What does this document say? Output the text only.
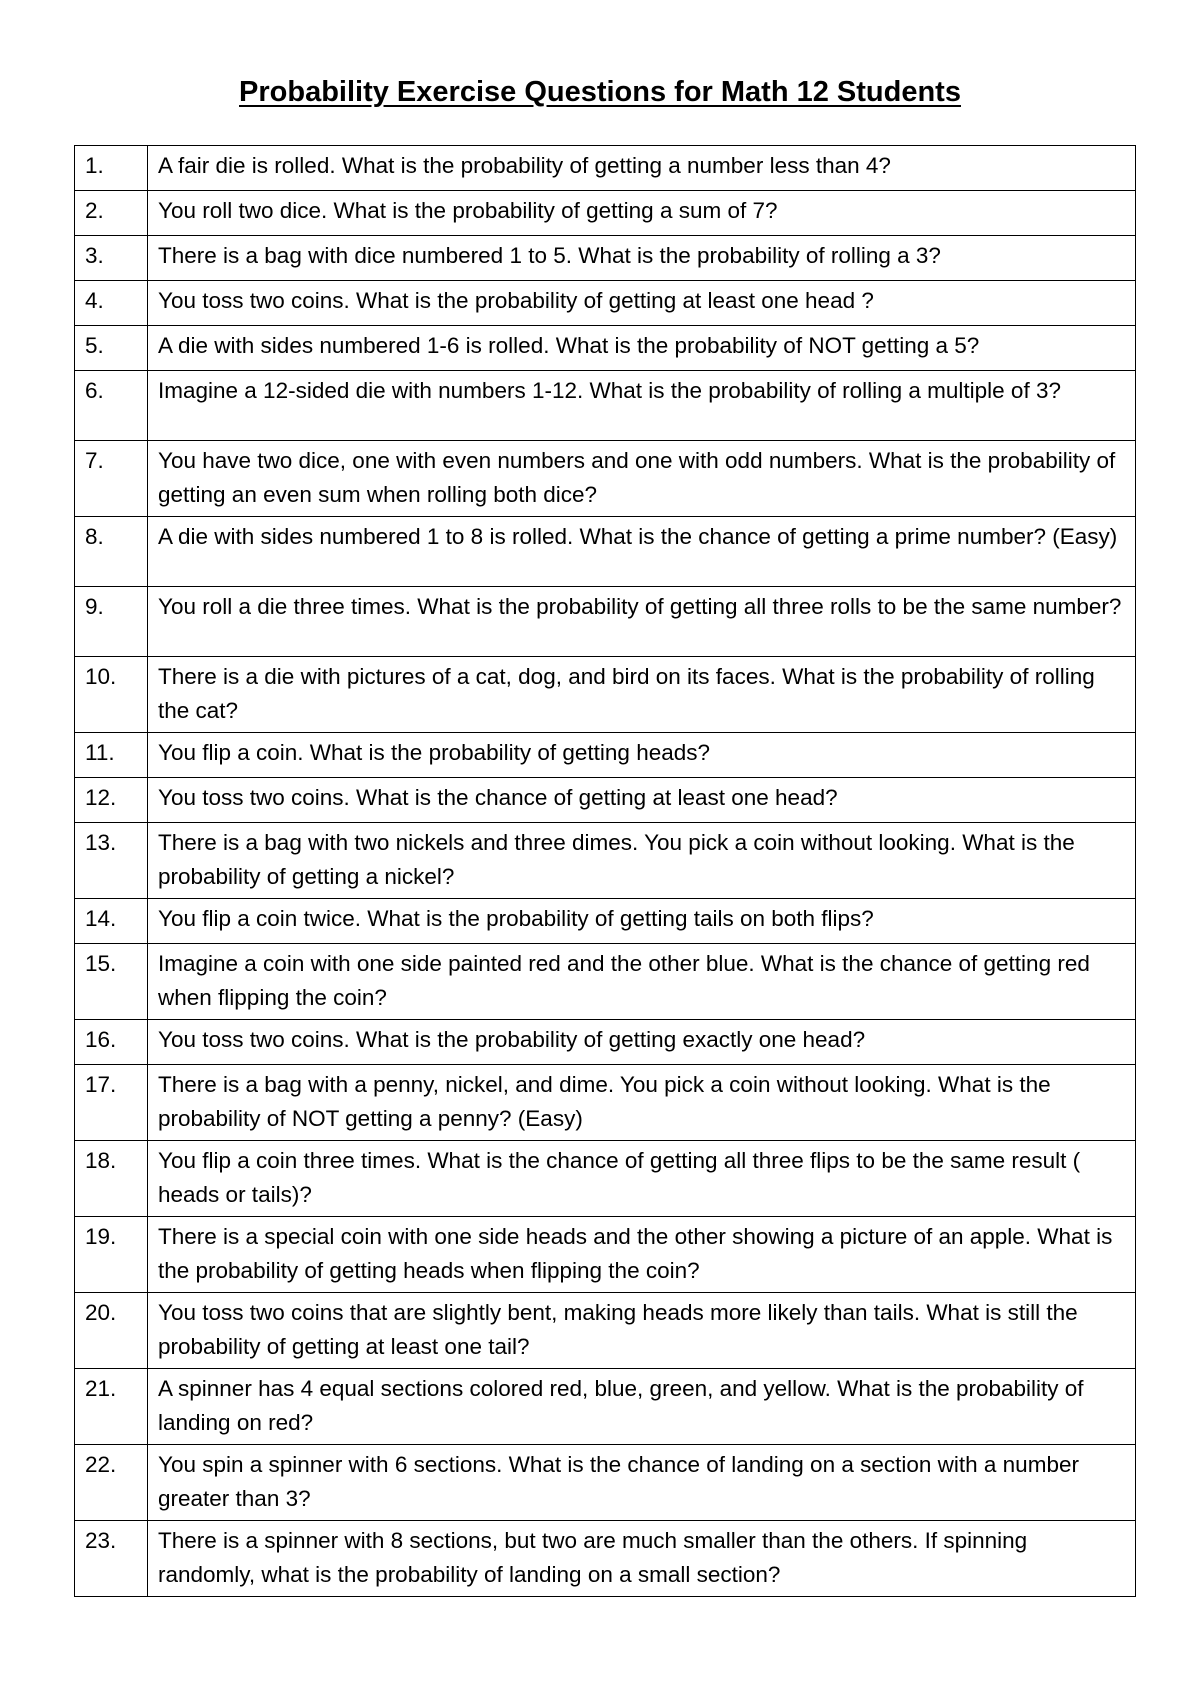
Probability Exercise Questions for Math 12 Students
1.	A fair die is rolled. What is the probability of getting a number less than 4?
2.	You roll two dice. What is the probability of getting a sum of 7?
3.	There is a bag with dice numbered 1 to 5. What is the probability of rolling a 3?
4.	You toss two coins. What is the probability of getting at least one head ?
5.	A die with sides numbered 1-6 is rolled. What is the probability of NOT getting a 5?
6.	Imagine a 12-sided die with numbers 1-12. What is the probability of rolling a multiple of 3?
7.	You have two dice, one with even numbers and one with odd numbers. What is the probability of getting an even sum when rolling both dice?
8.	A die with sides numbered 1 to 8 is rolled. What is the chance of getting a prime number? (Easy)
9.	You roll a die three times. What is the probability of getting all three rolls to be the same number?
10.	There is a die with pictures of a cat, dog, and bird on its faces. What is the probability of rolling the cat?
11.	You flip a coin. What is the probability of getting heads?
12.	You toss two coins. What is the chance of getting at least one head?
13.	There is a bag with two nickels and three dimes. You pick a coin without looking. What is the probability of getting a nickel?
14.	You flip a coin twice. What is the probability of getting tails on both flips?
15.	Imagine a coin with one side painted red and the other blue. What is the chance of getting red when flipping the coin?
16.	You toss two coins. What is the probability of getting exactly one head?
17.	There is a bag with a penny, nickel, and dime. You pick a coin without looking. What is the probability of NOT getting a penny? (Easy)
18.	You flip a coin three times. What is the chance of getting all three flips to be the same result ( heads or tails)?
19.	There is a special coin with one side heads and the other showing a picture of an apple. What is the probability of getting heads when flipping the coin?
20.	You toss two coins that are slightly bent, making heads more likely than tails. What is still the probability of getting at least one tail?
21.	A spinner has 4 equal sections colored red, blue, green, and yellow. What is the probability of landing on red?
22.	You spin a spinner with 6 sections. What is the chance of landing on a section with a number greater than 3?
23.	There is a spinner with 8 sections, but two are much smaller than the others. If spinning randomly, what is the probability of landing on a small section?
